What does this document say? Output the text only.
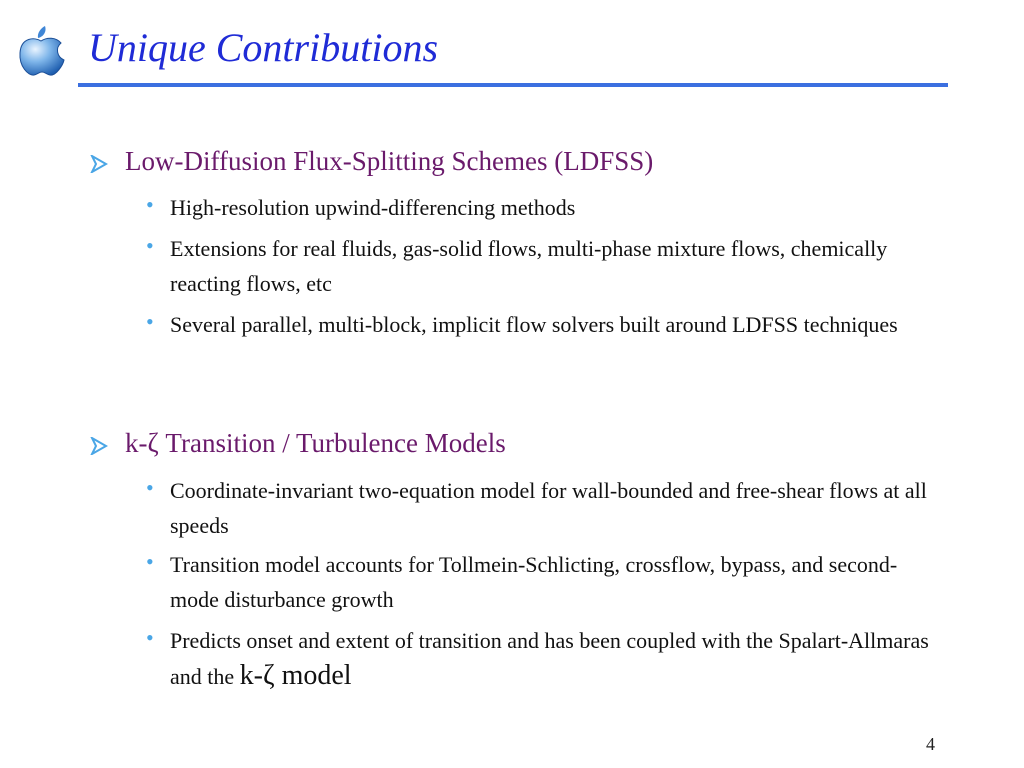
Unique Contributions
Low-Diffusion Flux-Splitting Schemes (LDFSS)
• High-resolution upwind-differencing methods
• Extensions for real fluids, gas-solid flows, multi-phase mixture flows, chemically reacting flows, etc
• Several parallel, multi-block, implicit flow solvers built around LDFSS techniques
k-ζ Transition / Turbulence Models
• Coordinate-invariant two-equation model for wall-bounded and free-shear flows at all speeds
• Transition model accounts for Tollmein-Schlicting, crossflow, bypass, and second-mode disturbance growth
• Predicts onset and extent of transition and has been coupled with the Spalart-Allmaras and the k-ζ model
4
